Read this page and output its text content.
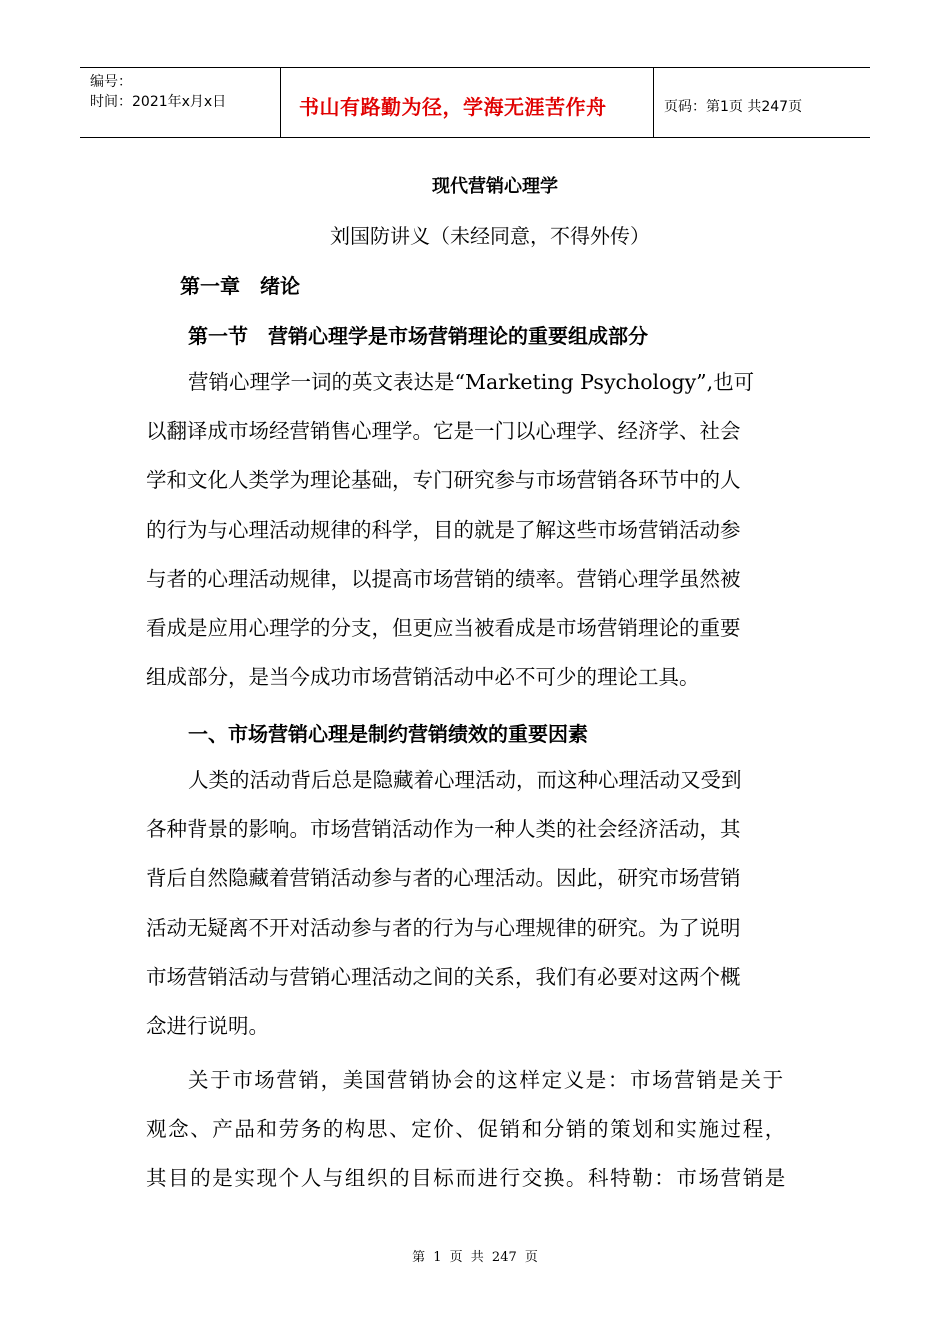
编号：
时间：2021年x月x日	书山有路勤为径，学海无涯苦作舟	页码：第1页 共247页
现代营销心理学
刘国防讲义（未经同意，不得外传）
第一章　绪论
第一节　营销心理学是市场营销理论的重要组成部分
营销心理学一词的英文表达是“Marketing Psychology”,也可
以翻译成市场经营销售心理学。它是一门以心理学、经济学、社会
学和文化人类学为理论基础，专门研究参与市场营销各环节中的人
的行为与心理活动规律的科学，目的就是了解这些市场营销活动参
与者的心理活动规律，以提高市场营销的绩率。营销心理学虽然被
看成是应用心理学的分支，但更应当被看成是市场营销理论的重要
组成部分，是当今成功市场营销活动中必不可少的理论工具。
一、市场营销心理是制约营销绩效的重要因素
人类的活动背后总是隐藏着心理活动，而这种心理活动又受到
各种背景的影响。市场营销活动作为一种人类的社会经济活动，其
背后自然隐藏着营销活动参与者的心理活动。因此，研究市场营销
活动无疑离不开对活动参与者的行为与心理规律的研究。为了说明
市场营销活动与营销心理活动之间的关系，我们有必要对这两个概
念进行说明。
关于市场营销，美国营销协会的这样定义是：市场营销是关于
观念、产品和劳务的构思、定价、促销和分销的策划和实施过程，
其目的是实现个人与组织的目标而进行交换。科特勒：市场营销是
第 1 页 共 247 页
